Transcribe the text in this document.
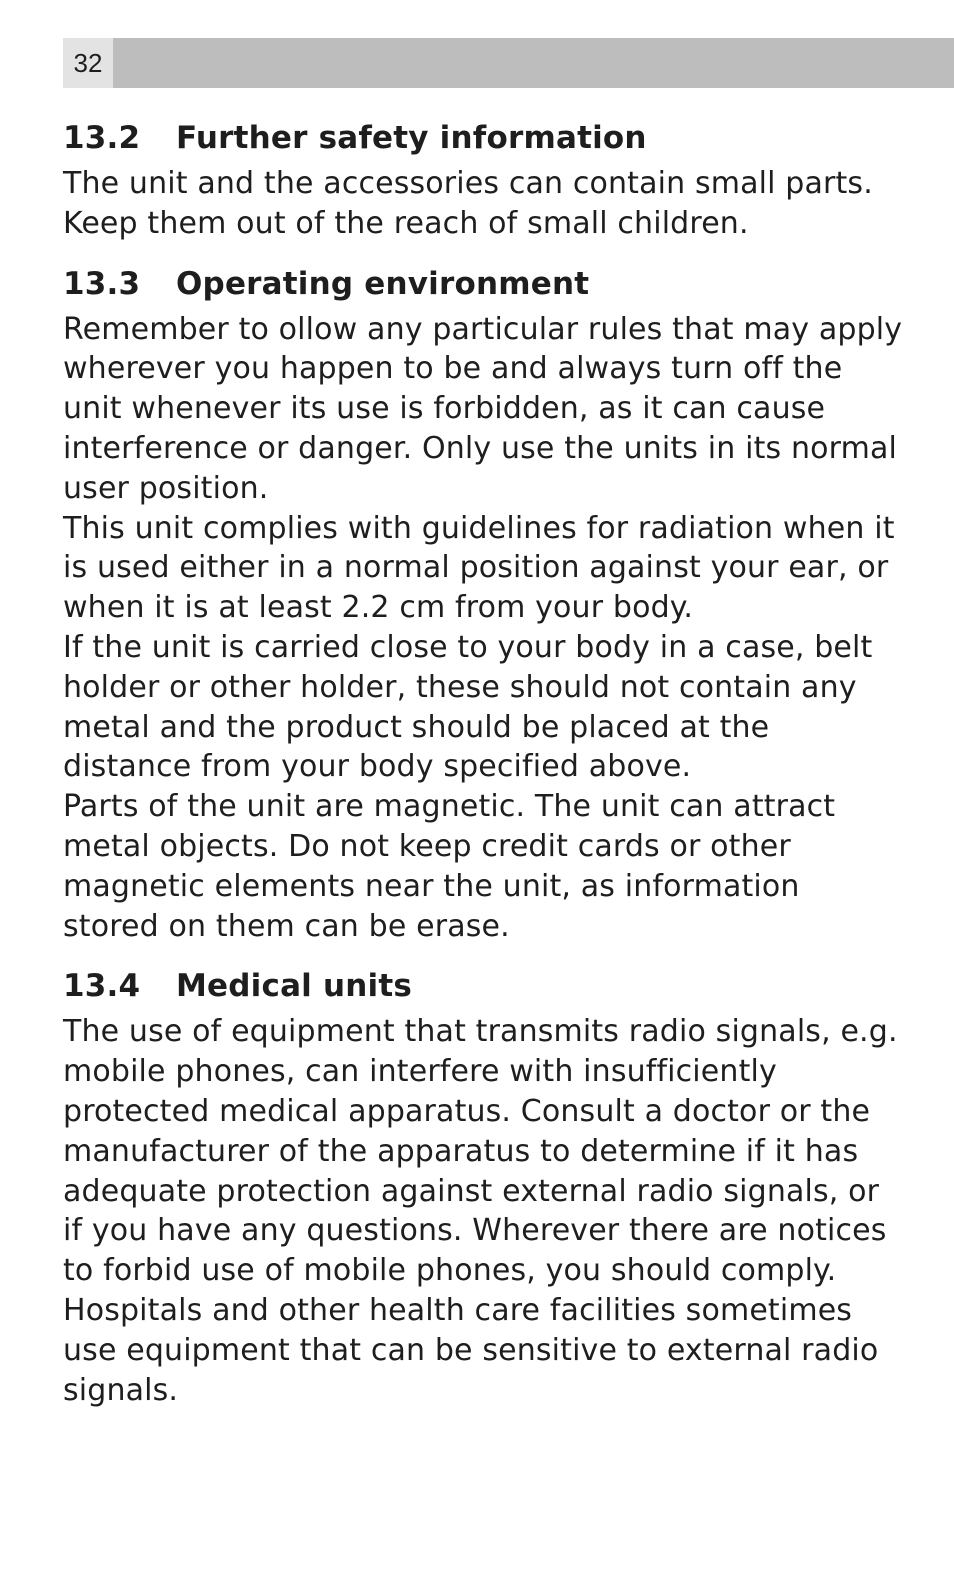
32
13.2	Further safety information

The unit and the accessories can contain small parts. Keep them out of the reach of small children.

13.3	Operating environment

Remember to ollow any particular rules that may apply wherever you happen to be and always turn off the unit whenever its use is forbidden, as it can cause interference or danger. Only use the units in its normal user position.

This unit complies with guidelines for radiation when it is used either in a normal position against your ear, or when it is at least 2.2 cm from your body.

If the unit is carried close to your body in a case, belt holder or other holder, these should not contain any metal and the product should be placed at the distance from your body specified above.

Parts of the unit are magnetic. The unit can attract metal objects. Do not keep credit cards or other magnetic elements near the unit, as information stored on them can be erase.

13.4	Medical units

The use of equipment that transmits radio signals, e.g. mobile phones, can interfere with insufficiently protected medical apparatus. Consult a doctor or the manufacturer of the apparatus to determine if it has adequate protection against external radio signals, or if you have any questions. Wherever there are notices to forbid use of mobile phones, you should comply. Hospitals and other health care facilities sometimes use equipment that can be sensitive to external radio signals.
